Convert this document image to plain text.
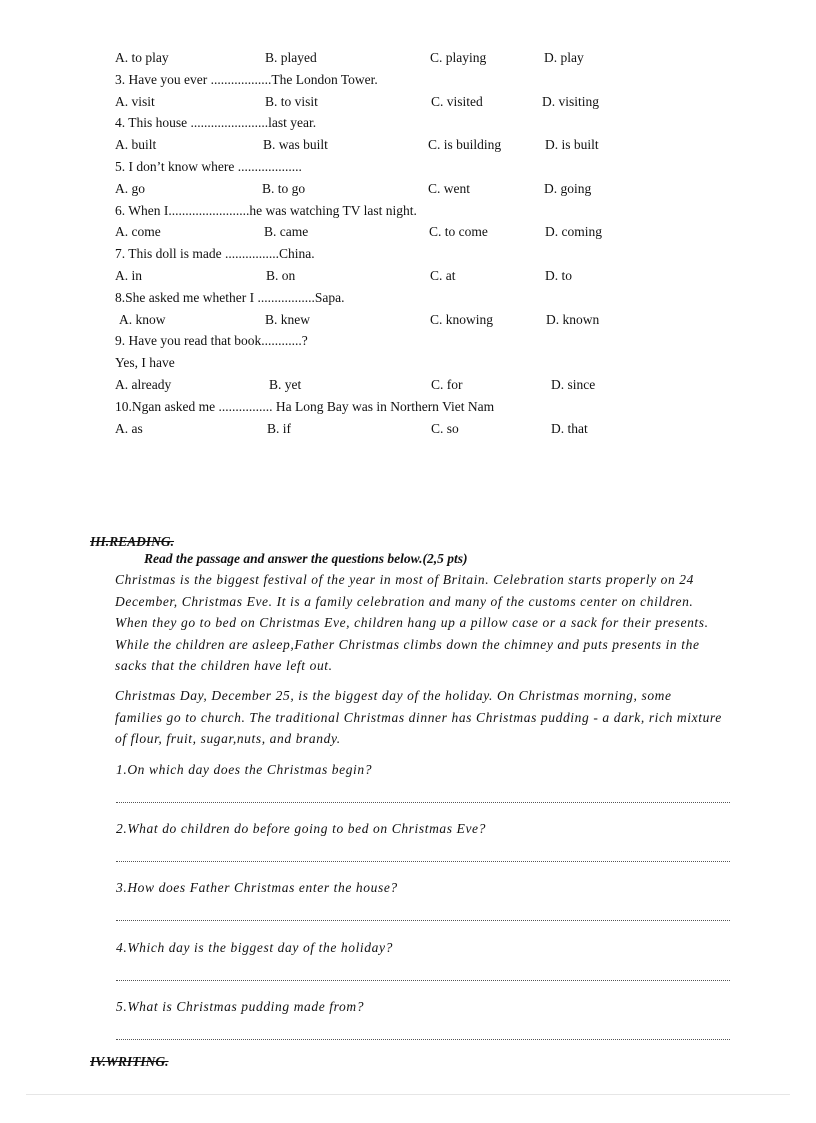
A. to play	B. played	C. playing	D. play
3. Have you ever ..................The London Tower.
A. visit	B. to visit	C. visited	D. visiting
4. This house .......................last year.
A. built	B. was built	C. is building	D. is built
5. I don’t know where ...................
A. go	B. to go	C. went	D. going
6. When I........................he was watching TV last night.
A. come	B. came	C. to come	D. coming
7. This doll is made ................China.
A. in	B. on	C. at	D. to
8.She asked me whether I .................Sapa.
A. know	B. knew	C. knowing	D. known
9. Have you read that book............?
Yes, I have
A. already	B. yet	C. for	D. since
10.Ngan asked me ................ Ha Long Bay was in Northern Viet Nam
A. as	B. if	C. so	D. that
III.READING.
Read the passage and answer the questions below.(2,5 pts)
Christmas is the biggest festival of the year in most of Britain. Celebration starts properly on 24
December, Christmas Eve. It is a family celebration and many of the customs center on children.
When they go to bed on Christmas Eve, children hang up a pillow case or a sack for their presents.
While the children are asleep,Father Christmas climbs down the chimney and puts presents in the
sacks that the children have left out.
Christmas Day, December 25, is the biggest day of the holiday. On Christmas morning, some
families go to church. The traditional Christmas dinner has Christmas pudding - a dark, rich mixture
of flour, fruit, sugar,nuts, and brandy.
1.On which day does the Christmas begin?
2.What do children do before going to bed on Christmas Eve?
3.How does Father Christmas enter the house?
4.Which day is the biggest day of the holiday?
5.What is Christmas pudding made from?
IV.WRITING.
